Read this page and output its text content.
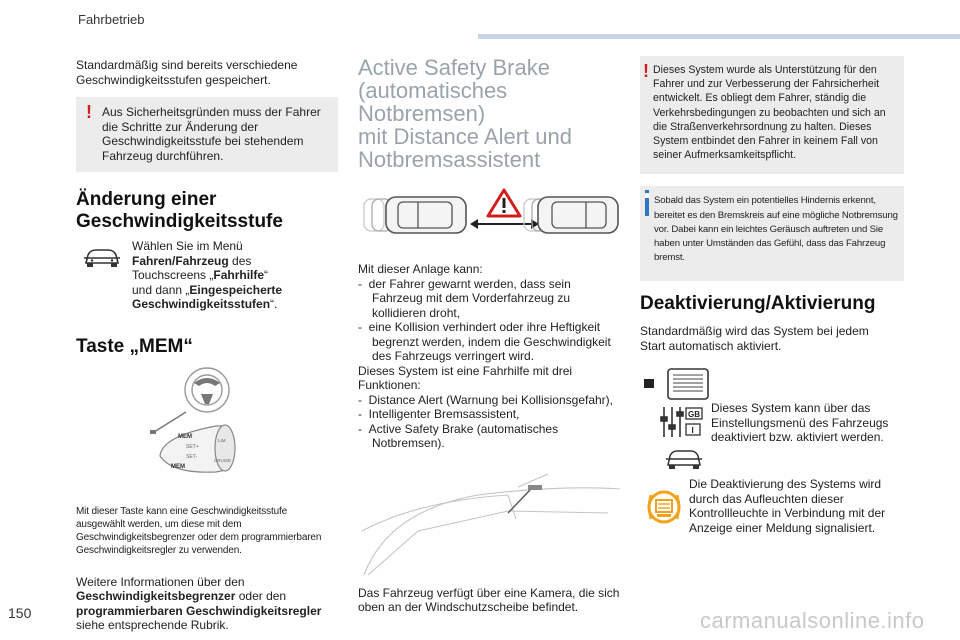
Fahrbetrieb
Standardmäßig sind bereits verschiedene Geschwindigkeitsstufen gespeichert.
! Aus Sicherheitsgründen muss der Fahrer die Schritte zur Änderung der Geschwindigkeitsstufe bei stehendem Fahrzeug durchführen.
Änderung einer
Geschwindigkeitsstufe
Wählen Sie im Menü
Fahren/Fahrzeug des
Touchscreens „Fahrhilfe“
und dann „Eingespeicherte Geschwindigkeitsstufen“.
Taste „MEM“
MEM
SET+
SET-
MEM
LIM
CRUISE
Mit dieser Taste kann eine Geschwindigkeitsstufe ausgewählt werden, um diese mit dem Geschwindigkeitsbegrenzer oder dem programmierbaren Geschwindigkeitsregler zu verwenden.
Weitere Informationen über den
Geschwindigkeitsbegrenzer oder den
programmierbaren Geschwindigkeitsregler
siehe entsprechende Rubrik.
Active Safety Brake
(automatisches Notbremsen)
mit Distance Alert und
Notbremsassistent
Mit dieser Anlage kann:
-  der Fahrer gewarnt werden, dass sein Fahrzeug mit dem Vorderfahrzeug zu kollidieren droht,
-  eine Kollision verhindert oder ihre Heftigkeit begrenzt werden, indem die Geschwindigkeit des Fahrzeugs verringert wird.
Dieses System ist eine Fahrhilfe mit drei Funktionen:
-  Distance Alert (Warnung bei Kollisionsgefahr),
-  Intelligenter Bremsassistent,
-  Active Safety Brake (automatisches Notbremsen).
Das Fahrzeug verfügt über eine Kamera, die sich oben an der Windschutzscheibe befindet.
! Dieses System wurde als Unterstützung für den Fahrer und zur Verbesserung der Fahrsicherheit entwickelt. Es obliegt dem Fahrer, ständig die Verkehrsbedingungen zu beobachten und sich an die Straßenverkehrsordnung zu halten. Dieses System entbindet den Fahrer in keinem Fall von seiner Aufmerksamkeitspflicht.
Sobald das System ein potentielles Hindernis erkennt, bereitet es den Bremskreis auf eine mögliche Notbremsung vor. Dabei kann ein leichtes Geräusch auftreten und Sie haben unter Umständen das Gefühl, dass das Fahrzeug bremst.
Deaktivierung/Aktivierung
Standardmäßig wird das System bei jedem Start automatisch aktiviert.
GB
I
Dieses System kann über das Einstellungsmenü des Fahrzeugs deaktiviert bzw. aktiviert werden.
Die Deaktivierung des Systems wird durch das Aufleuchten dieser Kontrollleuchte in Verbindung mit der Anzeige einer Meldung signalisiert.
150	carmanualsonline.info
